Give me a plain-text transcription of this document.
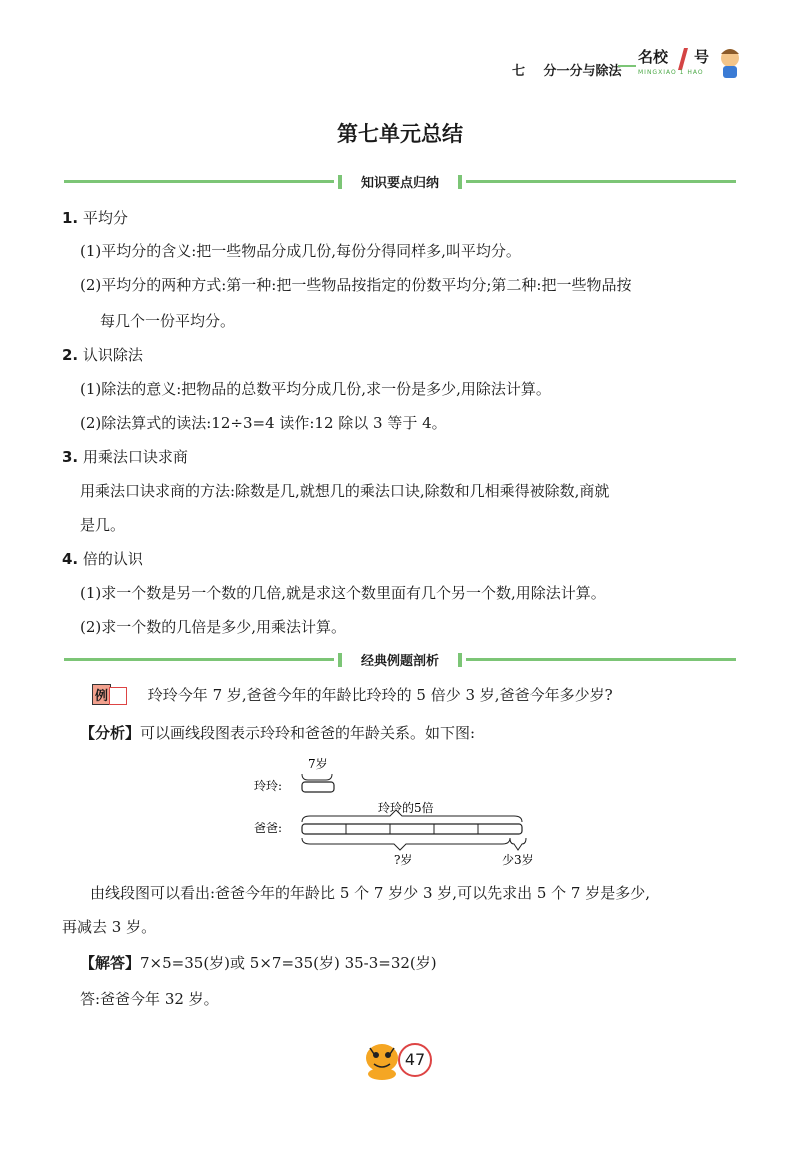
七 分一分与除法
名校 号
MINGXIAO 1 HAO
第七单元总结
知识要点归纳
1. 平均分
(1)平均分的含义:把一些物品分成几份,每份分得同样多,叫平均分。
(2)平均分的两种方式:第一种:把一些物品按指定的份数平均分;第二种:把一些物品按
每几个一份平均分。
2. 认识除法
(1)除法的意义:把物品的总数平均分成几份,求一份是多少,用除法计算。
(2)除法算式的读法:12÷3=4 读作:12 除以 3 等于 4。
3. 用乘法口诀求商
用乘法口诀求商的方法:除数是几,就想几的乘法口诀,除数和几相乘得被除数,商就
是几。
4. 倍的认识
(1)求一个数是另一个数的几倍,就是求这个数里面有几个另一个数,用除法计算。
(2)求一个数的几倍是多少,用乘法计算。
经典例题剖析
例	玲玲今年 7 岁,爸爸今年的年龄比玲玲的 5 倍少 3 岁,爸爸今年多少岁?
【分析】可以画线段图表示玲玲和爸爸的年龄关系。如下图:
7岁
玲玲:
玲玲的5倍
爸爸:
?岁	少3岁
由线段图可以看出:爸爸今年的年龄比 5 个 7 岁少 3 岁,可以先求出 5 个 7 岁是多少,
再减去 3 岁。
【解答】7×5=35(岁)或 5×7=35(岁) 35-3=32(岁)
答:爸爸今年 32 岁。
47
